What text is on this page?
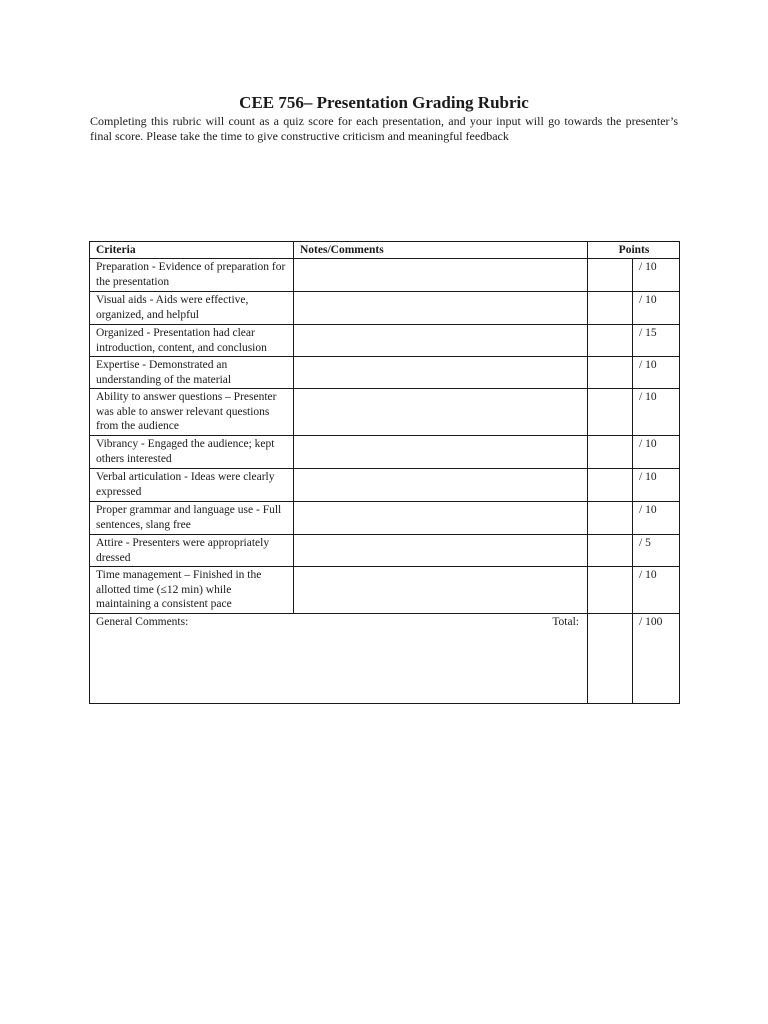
CEE 756– Presentation Grading Rubric

Completing this rubric will count as a quiz score for each presentation, and your input will go towards the presenter’s final score. Please take the time to give constructive criticism and meaningful feedback

Criteria	Notes/Comments	Points	
Preparation - Evidence of preparation for the presentation			/ 10
Visual aids - Aids were effective, organized, and helpful			/ 10
Organized - Presentation had clear introduction, content, and conclusion			/ 15
Expertise - Demonstrated an understanding of the material			/ 10
Ability to answer questions – Presenter was able to answer relevant questions from the audience			/ 10
Vibrancy - Engaged the audience; kept others interested			/ 10
Verbal articulation - Ideas were clearly expressed			/ 10
Proper grammar and language use - Full sentences, slang free			/ 10
Attire - Presenters were appropriately dressed			/ 5
Time management – Finished in the allotted time (≤12 min) while maintaining a consistent pace			/ 10

General Comments: Total:			/ 100
